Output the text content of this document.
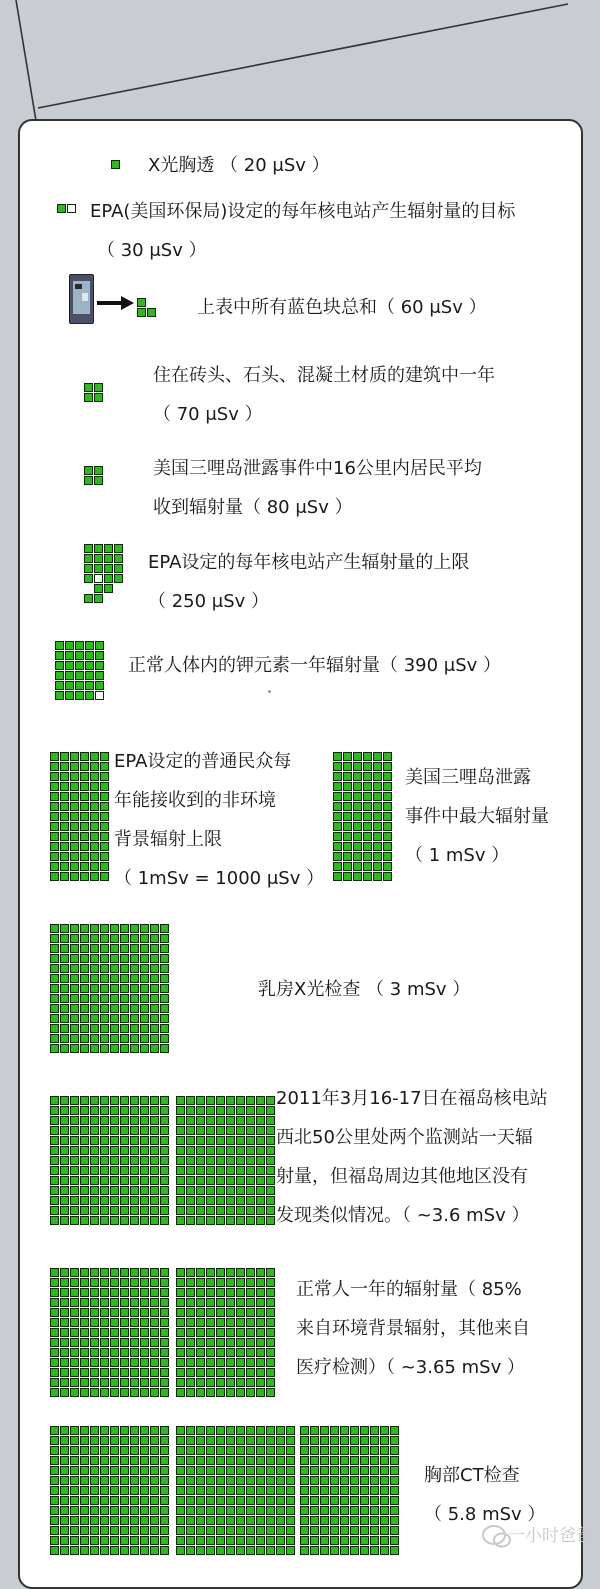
X光胸透 （ 20 μSv ）
EPA(美国环保局)设定的每年核电站产生辐射量的目标
（ 30 μSv ）
上表中所有蓝色块总和（ 60 μSv ）
住在砖头、石头、混凝土材质的建筑中一年
（ 70 μSv ）
美国三哩岛泄露事件中16公里内居民平均
收到辐射量（ 80 μSv ）
EPA设定的每年核电站产生辐射量的上限
（ 250 μSv ）
正常人体内的钾元素一年辐射量（ 390 μSv ）
EPA设定的普通民众每
年能接收到的非环境
背景辐射上限
（ 1mSv = 1000 μSv ）
美国三哩岛泄露
事件中最大辐射量
（ 1 mSv ）
乳房X光检查 （ 3 mSv ）
2011年3月16-17日在福岛核电站
西北50公里处两个监测站一天辐
射量，但福岛周边其他地区没有
发现类似情况。（ ~3.6 mSv ）
正常人一年的辐射量（ 85%
来自环境背景辐射，其他来自
医疗检测）（ ~3.65 mSv ）
胸部CT检查
（ 5.8 mSv ）
一小时爸爸
